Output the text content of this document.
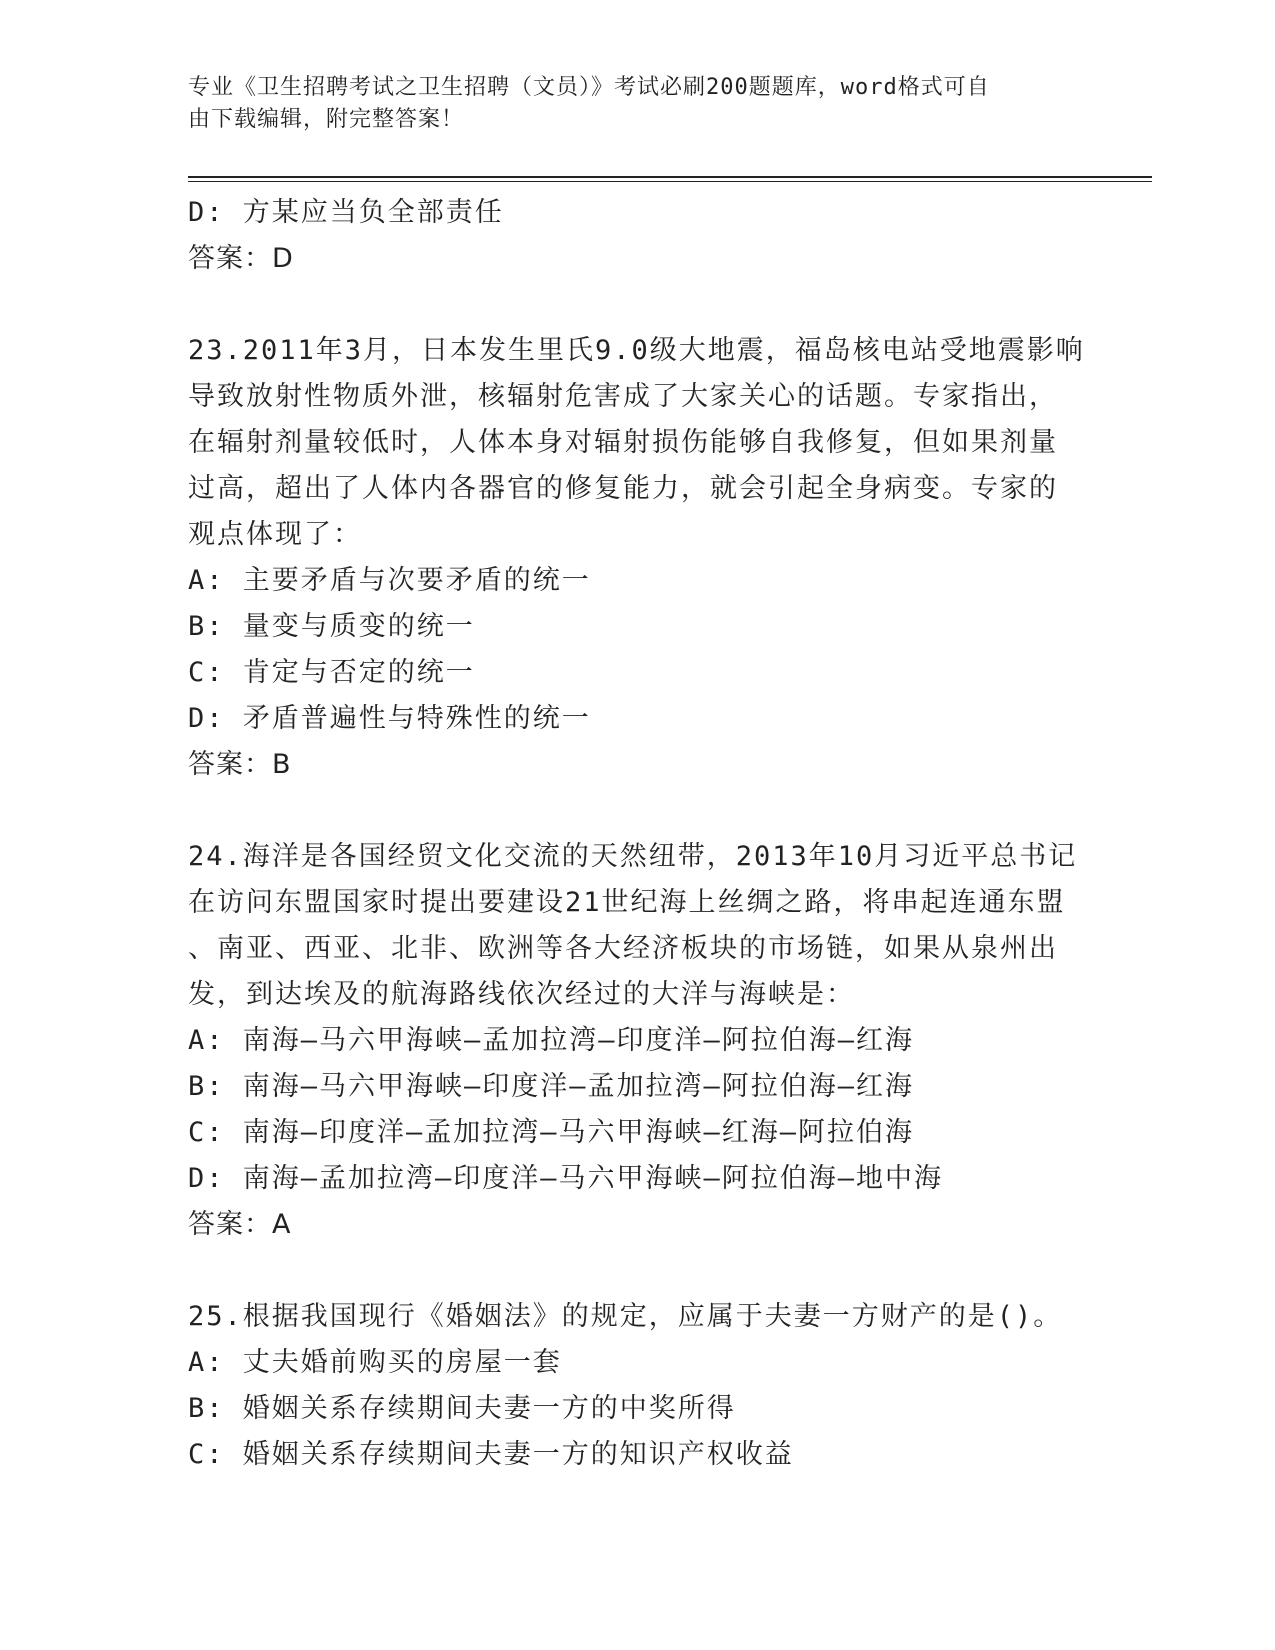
专业《卫生招聘考试之卫生招聘（文员）》考试必刷200题题库，word格式可自
由下载编辑，附完整答案！
D: 方某应当负全部责任
答案：D
23.2011年3月，日本发生里氏9.0级大地震，福岛核电站受地震影响
导致放射性物质外泄，核辐射危害成了大家关心的话题。专家指出，
在辐射剂量较低时，人体本身对辐射损伤能够自我修复，但如果剂量
过高，超出了人体内各器官的修复能力，就会引起全身病变。专家的
观点体现了：
A: 主要矛盾与次要矛盾的统一
B: 量变与质变的统一
C: 肯定与否定的统一
D: 矛盾普遍性与特殊性的统一
答案：B
24.海洋是各国经贸文化交流的天然纽带，2013年10月习近平总书记
在访问东盟国家时提出要建设21世纪海上丝绸之路，将串起连通东盟
、南亚、西亚、北非、欧洲等各大经济板块的市场链，如果从泉州出
发，到达埃及的航海路线依次经过的大洋与海峡是：
A: 南海—马六甲海峡—孟加拉湾—印度洋—阿拉伯海—红海
B: 南海—马六甲海峡—印度洋—孟加拉湾—阿拉伯海—红海
C: 南海—印度洋—孟加拉湾—马六甲海峡—红海—阿拉伯海
D: 南海—孟加拉湾—印度洋—马六甲海峡—阿拉伯海—地中海
答案：A
25.根据我国现行《婚姻法》的规定，应属于夫妻一方财产的是()。
A: 丈夫婚前购买的房屋一套
B: 婚姻关系存续期间夫妻一方的中奖所得
C: 婚姻关系存续期间夫妻一方的知识产权收益
